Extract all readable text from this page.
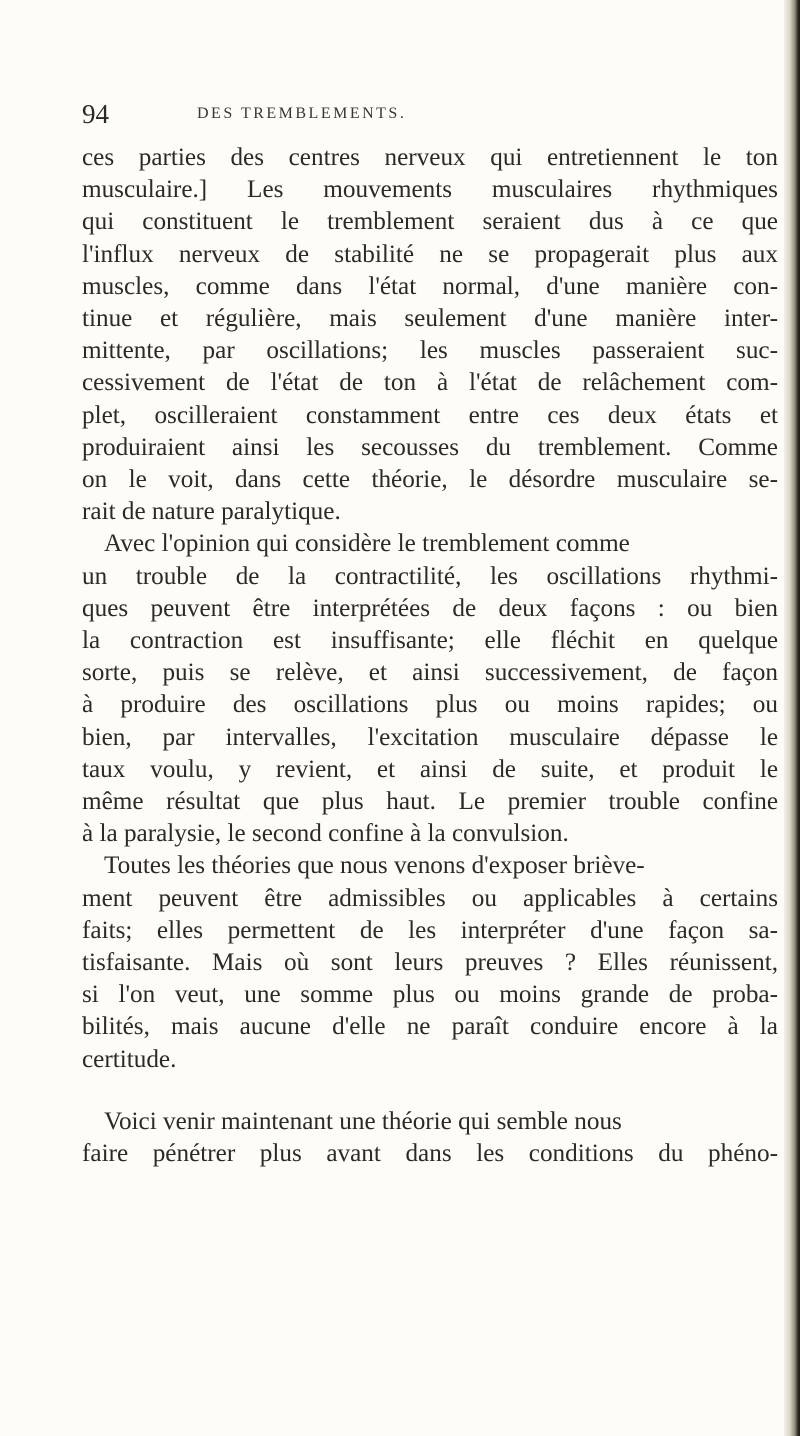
94	DES TREMBLEMENTS.

ces parties des centres nerveux qui entretiennent le ton
musculaire.] Les mouvements musculaires rhythmiques
qui constituent le tremblement seraient dus à ce que
l'influx nerveux de stabilité ne se propagerait plus aux
muscles, comme dans l'état normal, d'une manière con-
tinue et régulière, mais seulement d'une manière inter-
mittente, par oscillations; les muscles passeraient suc-
cessivement de l'état de ton à l'état de relâchement com-
plet, oscilleraient constamment entre ces deux états et
produiraient ainsi les secousses du tremblement. Comme
on le voit, dans cette théorie, le désordre musculaire se-
rait de nature paralytique.

Avec l'opinion qui considère le tremblement comme
un trouble de la contractilité, les oscillations rhythmi-
ques peuvent être interprétées de deux façons : ou bien
la contraction est insuffisante; elle fléchit en quelque
sorte, puis se relève, et ainsi successivement, de façon
à produire des oscillations plus ou moins rapides; ou
bien, par intervalles, l'excitation musculaire dépasse le
taux voulu, y revient, et ainsi de suite, et produit le
même résultat que plus haut. Le premier trouble confine
à la paralysie, le second confine à la convulsion.

Toutes les théories que nous venons d'exposer briève-
ment peuvent être admissibles ou applicables à certains
faits; elles permettent de les interpréter d'une façon sa-
tisfaisante. Mais où sont leurs preuves ? Elles réunissent,
si l'on veut, une somme plus ou moins grande de proba-
bilités, mais aucune d'elle ne paraît conduire encore à la
certitude.

Voici venir maintenant une théorie qui semble nous
faire pénétrer plus avant dans les conditions du phéno-
